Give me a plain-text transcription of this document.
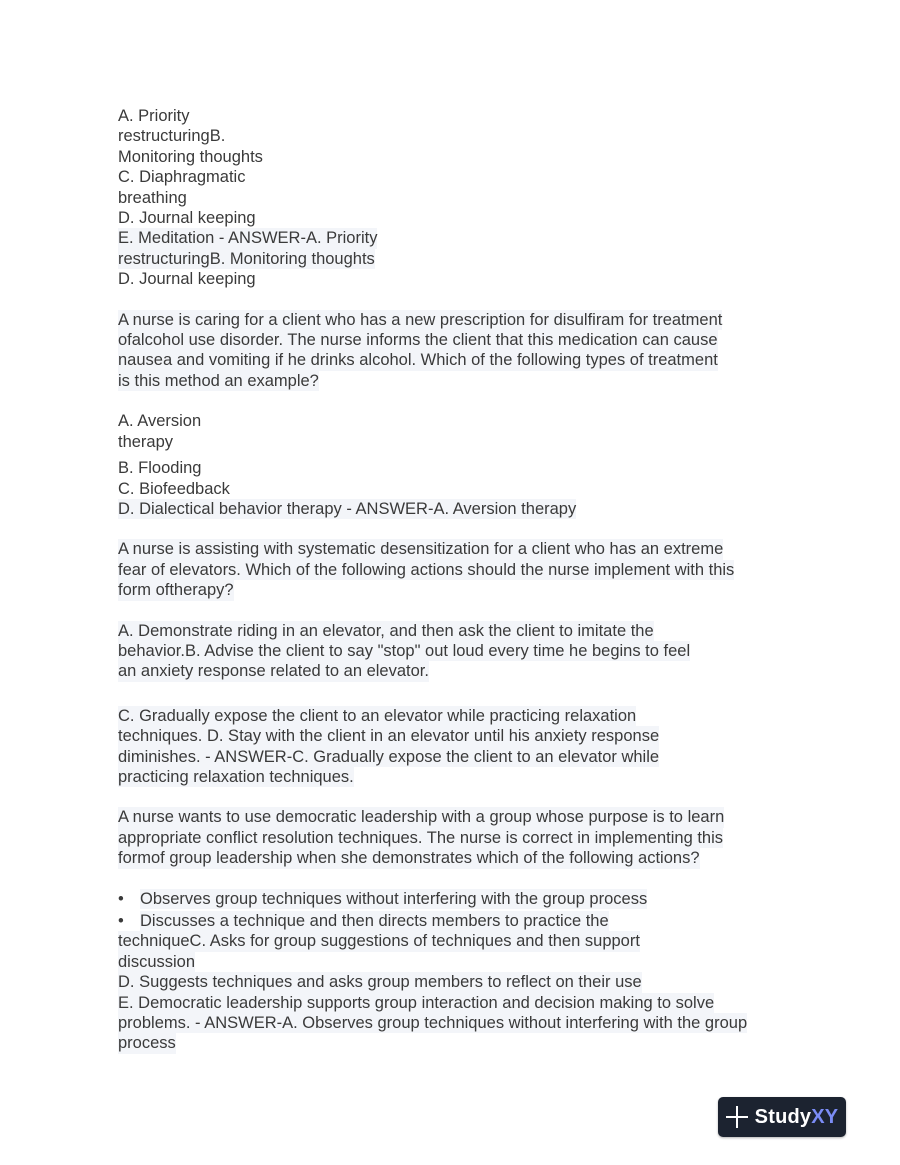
A. Priority
restructuringB.
Monitoring thoughts
C. Diaphragmatic
breathing
D. Journal keeping
E. Meditation - ANSWER-A. Priority
restructuringB. Monitoring thoughts
D. Journal keeping
A nurse is caring for a client who has a new prescription for disulfiram for treatment
ofalcohol use disorder. The nurse informs the client that this medication can cause
nausea and vomiting if he drinks alcohol. Which of the following types of treatment
is this method an example?
A. Aversion
therapy
B. Flooding
C. Biofeedback
D. Dialectical behavior therapy - ANSWER-A. Aversion therapy
A nurse is assisting with systematic desensitization for a client who has an extreme
fear of elevators. Which of the following actions should the nurse implement with this
form oftherapy?
A. Demonstrate riding in an elevator, and then ask the client to imitate the
behavior.B. Advise the client to say "stop" out loud every time he begins to feel
an anxiety response related to an elevator.
C. Gradually expose the client to an elevator while practicing relaxation
techniques. D. Stay with the client in an elevator until his anxiety response
diminishes. - ANSWER-C. Gradually expose the client to an elevator while
practicing relaxation techniques.
A nurse wants to use democratic leadership with a group whose purpose is to learn
appropriate conflict resolution techniques. The nurse is correct in implementing this
formof group leadership when she demonstrates which of the following actions?
• Observes group techniques without interfering with the group process
• Discusses a technique and then directs members to practice the
techniqueC. Asks for group suggestions of techniques and then support
discussion
D. Suggests techniques and asks group members to reflect on their use
E. Democratic leadership supports group interaction and decision making to solve
problems. - ANSWER-A. Observes group techniques without interfering with the group
process
StudyXY
